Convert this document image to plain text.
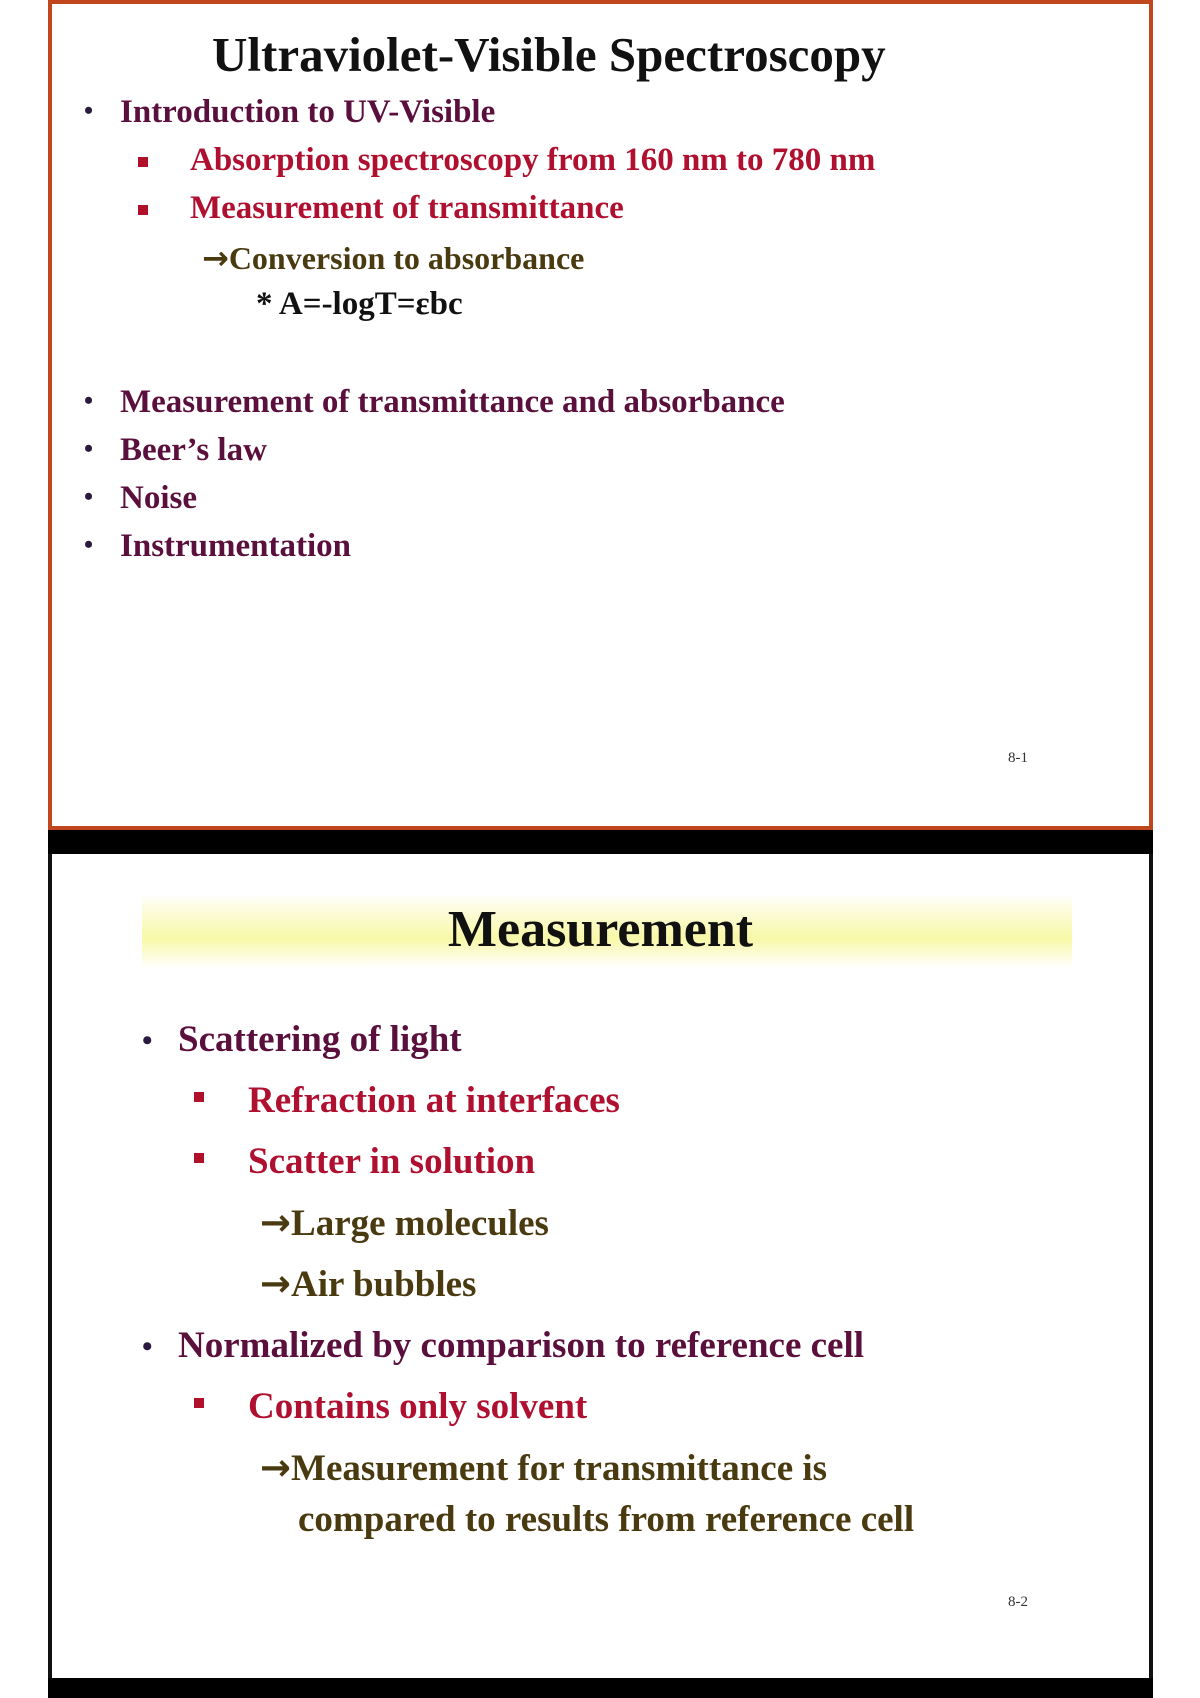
Ultraviolet-Visible Spectroscopy
• Introduction to UV-Visible
Absorption spectroscopy from 160 nm to 780 nm
Measurement of transmittance
→Conversion to absorbance
* A=-logT=εbc
• Measurement of transmittance and absorbance
• Beer’s law
• Noise
• Instrumentation
8-1
Measurement
• Scattering of light
Refraction at interfaces
Scatter in solution
→Large molecules
→Air bubbles
• Normalized by comparison to reference cell
Contains only solvent
→Measurement for transmittance is
compared to results from reference cell
8-2
